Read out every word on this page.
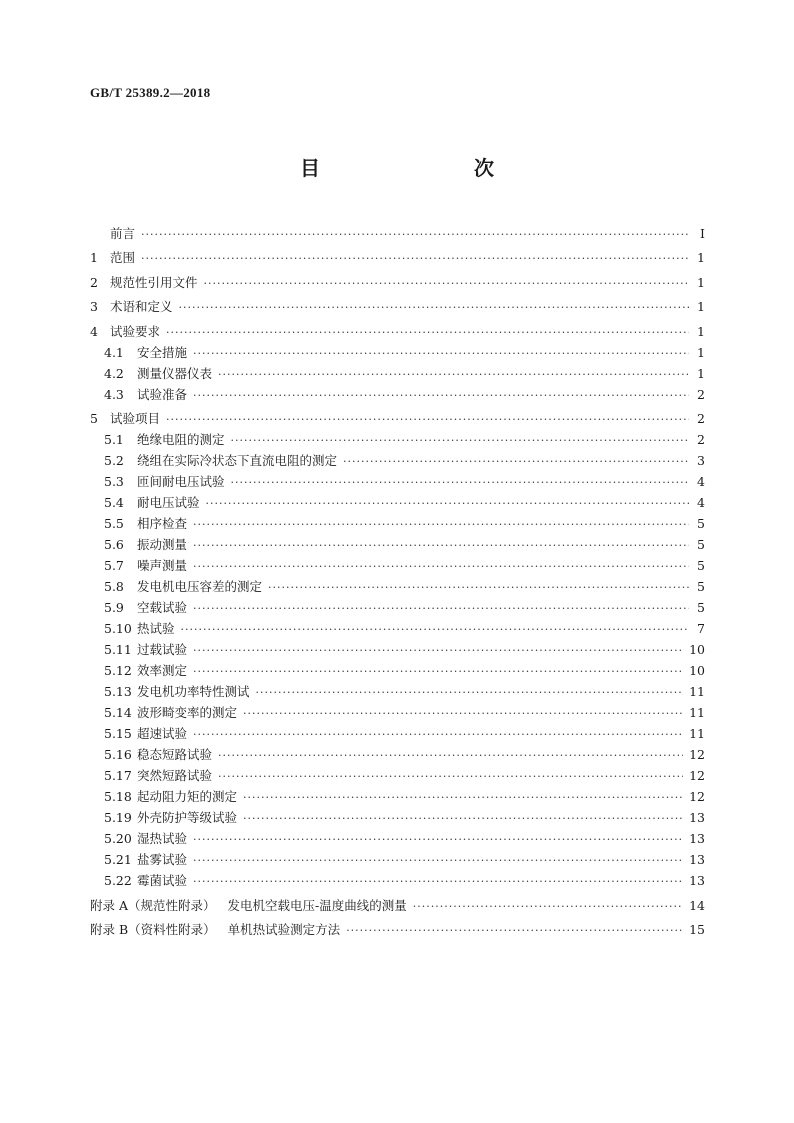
GB/T 25389.2—2018
目　　次
前言 ·····	Ⅰ
1 范围 ·····	1
2 规范性引用文件 ·····	1
3 术语和定义 ·····	1
4 试验要求 ·····	1
4.1	安全措施 ·····	1
4.2	测量仪器仪表 ·····	1
4.3	试验准备 ·····	2
5 试验项目 ·····	2
5.1	绝缘电阻的测定 ·····	2
5.2	绕组在实际冷状态下直流电阻的测定 ·····	3
5.3	匝间耐电压试验 ·····	4
5.4	耐电压试验 ·····	4
5.5	相序检查 ·····	5
5.6	振动测量 ·····	5
5.7	噪声测量 ·····	5
5.8	发电机电压容差的测定 ·····	5
5.9	空载试验 ·····	5
5.10 热试验 ·····	7
5.11 过载试验 ·····	10
5.12 效率测定 ·····	10
5.13 发电机功率特性测试 ·····	11
5.14 波形畸变率的测定 ·····	11
5.15 超速试验 ·····	11
5.16 稳态短路试验 ·····	12
5.17 突然短路试验 ·····	12
5.18 起动阻力矩的测定 ·····	12
5.19 外壳防护等级试验 ·····	13
5.20 湿热试验 ·····	13
5.21 盐雾试验 ·····	13
5.22 霉菌试验 ·····	13
附录 A（规范性附录） 发电机空载电压-温度曲线的测量 ·····	14
附录 B（资料性附录） 单机热试验测定方法 ·····	15
